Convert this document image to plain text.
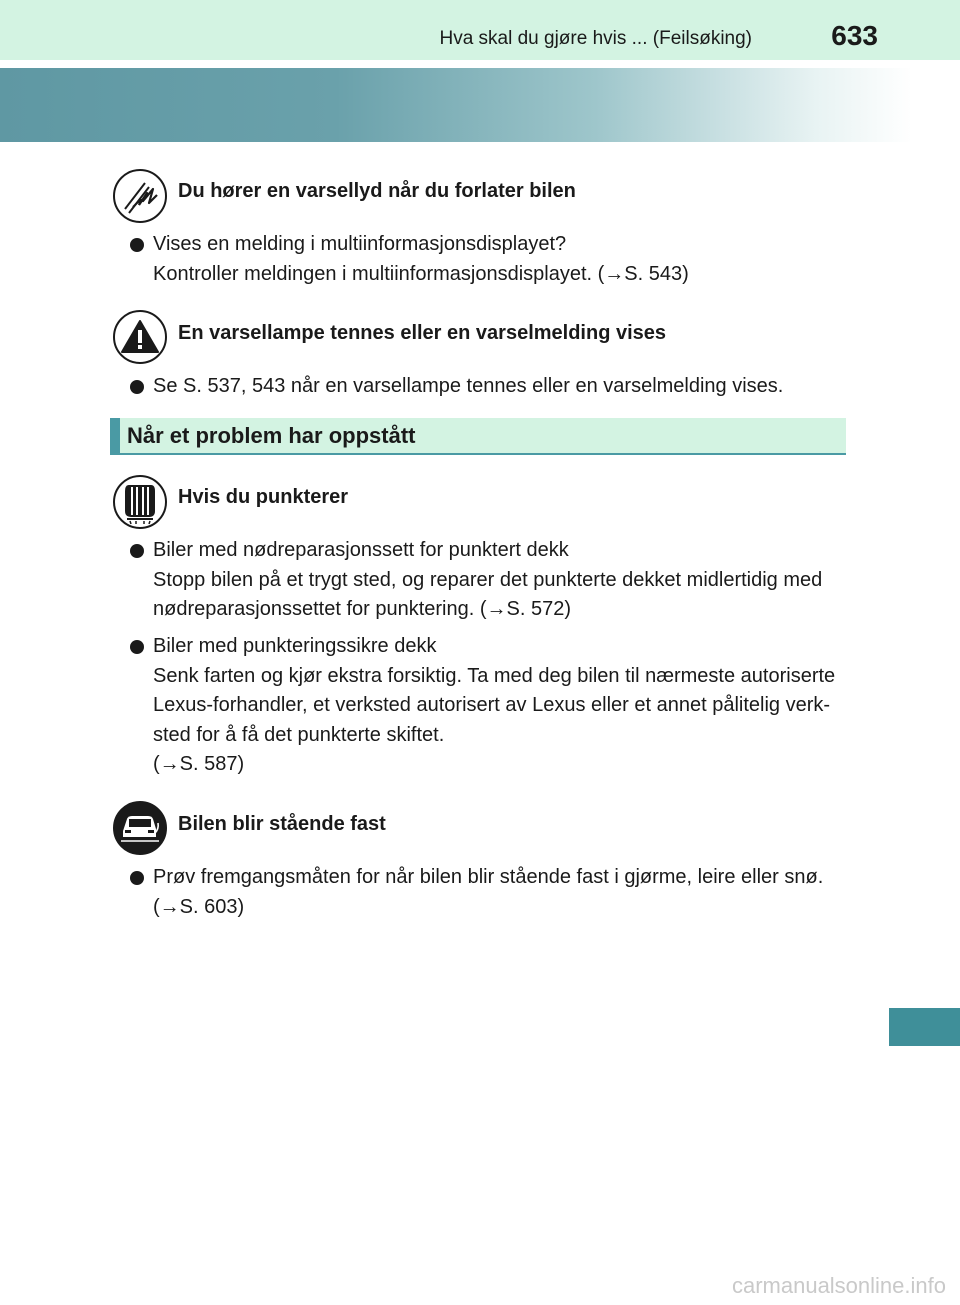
Hva skal du gjøre hvis ... (Feilsøking)	633
Du hører en varsellyd når du forlater bilen
Vises en melding i multiinformasjonsdisplayet?
Kontroller meldingen i multiinformasjonsdisplayet. (→S. 543)
En varsellampe tennes eller en varselmelding vises
Se S. 537, 543 når en varsellampe tennes eller en varselmelding vises.
Når et problem har oppstått
Hvis du punkterer
Biler med nødreparasjonssett for punktert dekk
Stopp bilen på et trygt sted, og reparer det punkterte dekket midlertidig med
nødreparasjonssettet for punktering. (→S. 572)
Biler med punkteringssikre dekk
Senk farten og kjør ekstra forsiktig. Ta med deg bilen til nærmeste autoriserte
Lexus-forhandler, et verksted autorisert av Lexus eller et annet pålitelig verk-
sted for å få det punkterte skiftet.
(→S. 587)
Bilen blir stående fast
Prøv fremgangsmåten for når bilen blir stående fast i gjørme, leire eller snø.
(→S. 603)
carmanualsonline.info
